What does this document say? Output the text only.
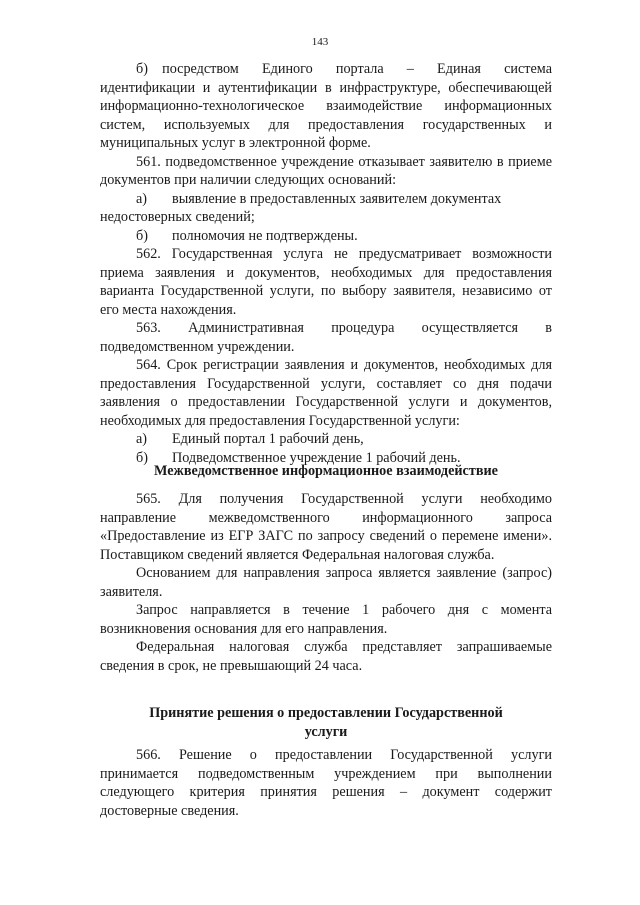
143

б) посредством Единого портала – Единая система идентификации и аутентификации в инфраструктуре, обеспечивающей информационно-технологическое взаимодействие информационных систем, используемых для предоставления государственных и муниципальных услуг в электронной форме.

561. подведомственное учреждение отказывает заявителю в приеме документов при наличии следующих оснований:

а)	выявление в предоставленных заявителем документах

недостоверных сведений;

б)	полномочия не подтверждены.

562. Государственная услуга не предусматривает возможности приема заявления и документов, необходимых для предоставления варианта Государственной услуги, по выбору заявителя, независимо от его места нахождения.

563. Административная процедура осуществляется в подведомственном учреждении.

564. Срок регистрации заявления и документов, необходимых для предоставления Государственной услуги, составляет со дня подачи заявления о предоставлении Государственной услуги и документов, необходимых для предоставления Государственной услуги:

а)	Единый портал 1 рабочий день,
б)	Подведомственное учреждение 1 рабочий день.
Межведомственное информационное взаимодействие

565. Для получения Государственной услуги необходимо направление межведомственного информационного запроса «Предоставление из ЕГР ЗАГС по запросу сведений о перемене имени». Поставщиком сведений является Федеральная налоговая служба.

Основанием для направления запроса является заявление (запрос) заявителя.

Запрос направляется в течение 1 рабочего дня с момента возникновения основания для его направления.

Федеральная налоговая служба представляет запрашиваемые сведения в срок, не превышающий 24 часа.

Принятие решения о предоставлении Государственной
услуги

566. Решение о предоставлении Государственной услуги принимается подведомственным учреждением при выполнении следующего критерия принятия решения – документ содержит достоверные сведения.
